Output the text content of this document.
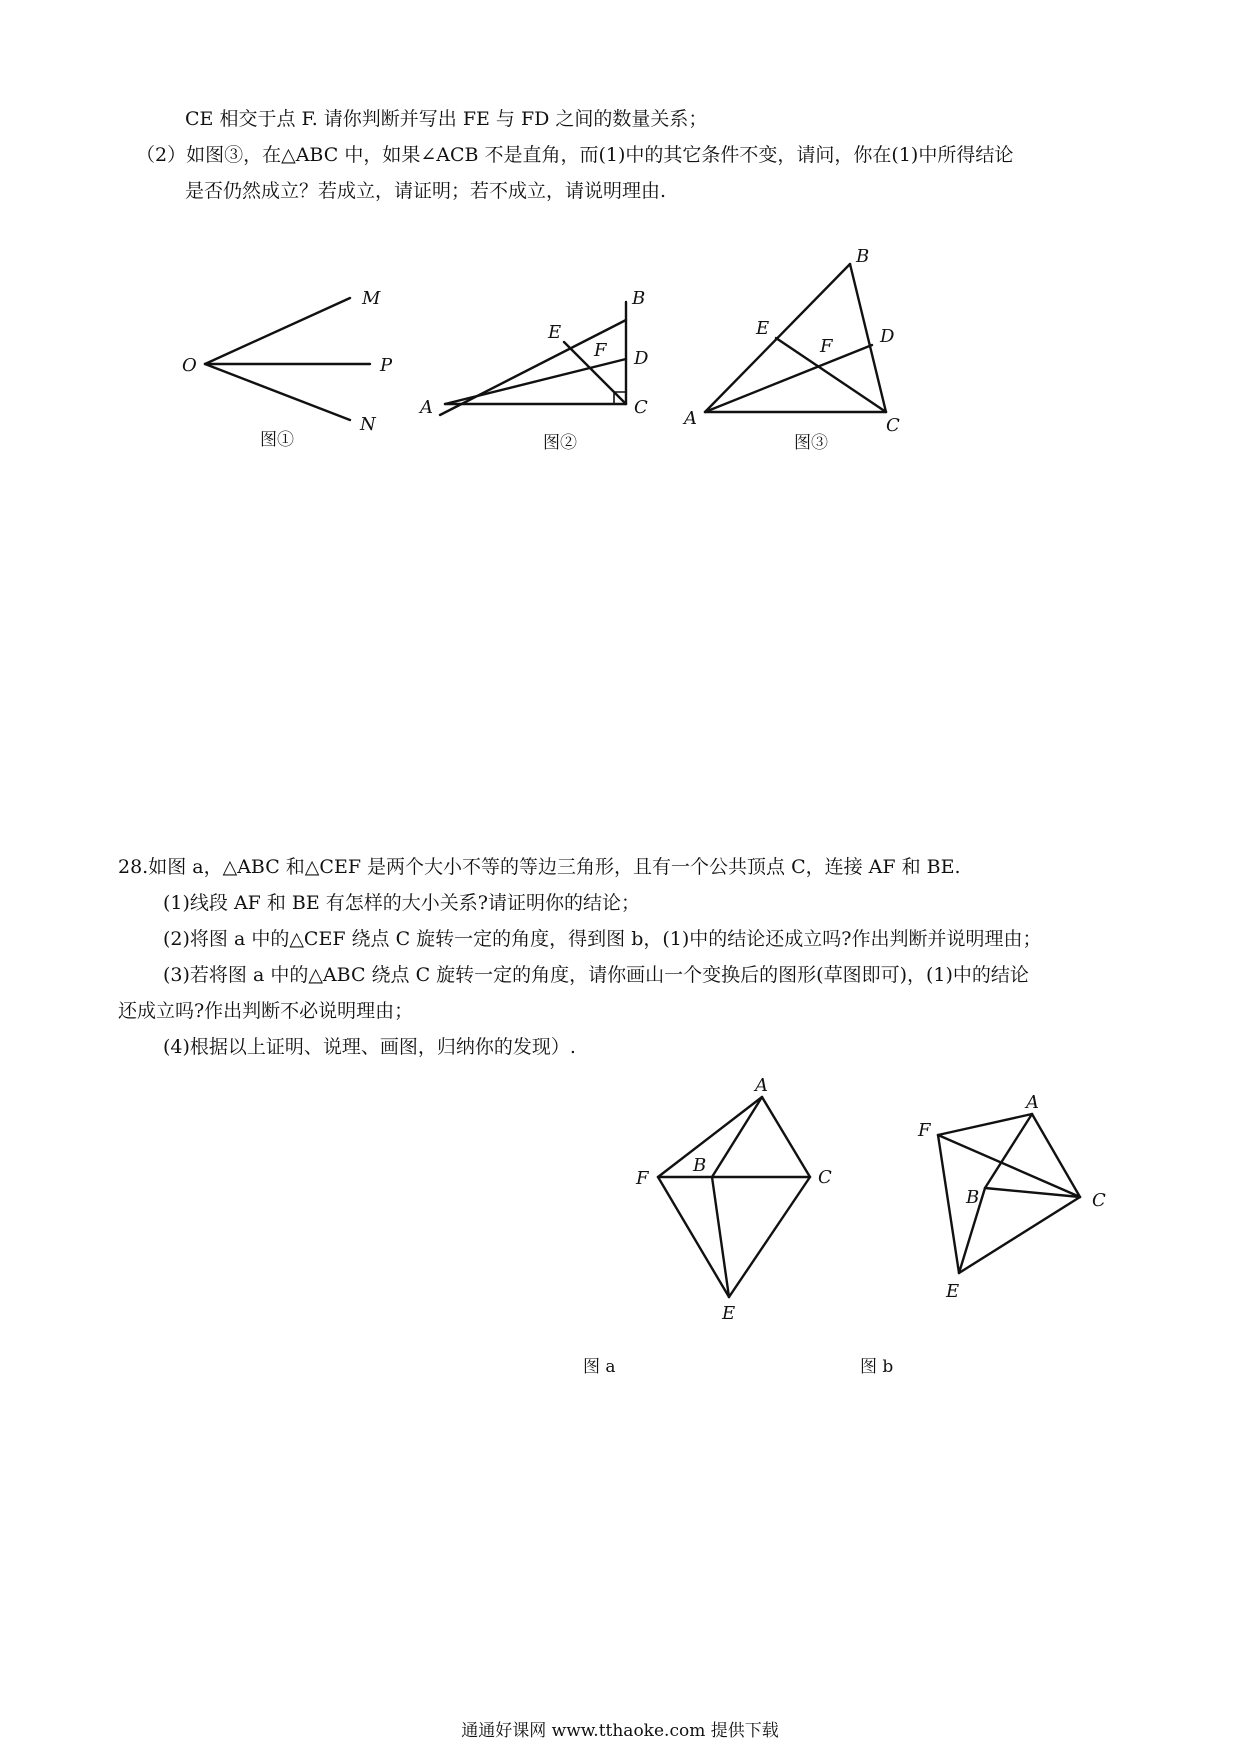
CE 相交于点 F. 请你判断并写出 FE 与 FD 之间的数量关系；
（2）如图③，在△ABC 中，如果∠ACB 不是直角，而(1)中的其它条件不变，请问，你在(1)中所得结论
是否仍然成立？若成立，请证明；若不成立，请说明理由.
M
O	P
N
图①
B
E
F D
A	C
图②
B
E
F	D
A	C
图③
28.如图 a，△ABC 和△CEF 是两个大小不等的等边三角形，且有一个公共顶点 C，连接 AF 和 BE.
(1)线段 AF 和 BE 有怎样的大小关系?请证明你的结论；
(2)将图 a 中的△CEF 绕点 C 旋转一定的角度，得到图 b，(1)中的结论还成立吗?作出判断并说明理由；
(3)若将图 a 中的△ABC 绕点 C 旋转一定的角度，请你画山一个变换后的图形(草图即可)，(1)中的结论
还成立吗?作出判断不必说明理由；
(4)根据以上证明、说理、画图，归纳你的发现）.
A
F
B
C
E
图 a
A
F
B	C
E
图 b
通通好课网 www.tthaoke.com 提供下载
